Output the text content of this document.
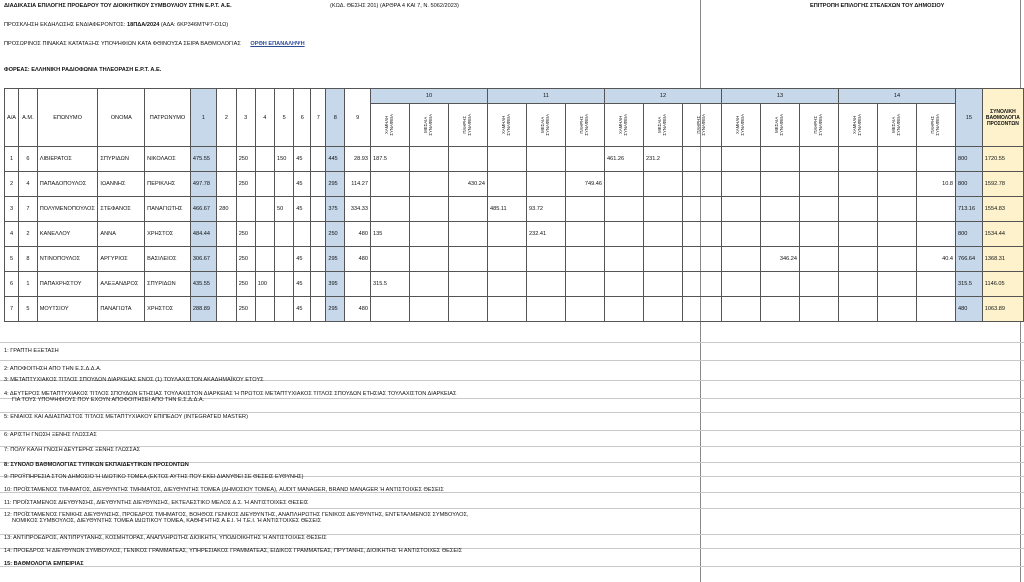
ΔΙΑΔΙΚΑΣΙΑ ΕΠΙΛΟΓΗΣ ΠΡΟΕΔΡΟΥ ΤΟΥ ΔΙΟΙΚΗΤΙΚΟΥ ΣΥΜΒΟΥΛΙΟΥ ΣΤΗΝ Ε.Ρ.Τ. Α.Ε.	(ΚΩΔ. ΘΕΣΗΣ 201) (ΑΡΘΡΑ 4 ΚΑΙ 7, Ν. 5062/2023)	ΕΠΙΤΡΟΠΗ ΕΠΙΛΟΓΗΣ ΣΤΕΛΕΧΩΝ ΤΟΥ ΔΗΜΟΣΙΟΥ
ΠΡΟΣΚΛΗΣΗ ΕΚΔΗΛΩΣΗΣ ΕΝΔΙΑΦΕΡΟΝΤΟΣ: 18ΠΔΑ/2024 (ΑΔΑ: 6ΚΡ346ΜΤΨ7-Ο1Ω)
ΠΡΟΣΩΡΙΝΟΣ ΠΙΝΑΚΑΣ ΚΑΤΑΤΑΞΗΣ ΥΠΟΨΗΦΙΩΝ ΚΑΤΑ ΦΘΙΝΟΥΣΑ ΣΕΙΡΑ ΒΑΘΜΟΛΟΓΙΑΣ ΟΡΘΗ ΕΠΑΝΑΛΗΨΗ
ΦΟΡΕΑΣ: ΕΛΛΗΝΙΚΗ ΡΑΔΙΟΦΩΝΙΑ ΤΗΛΕΟΡΑΣΗ Ε.Ρ.Τ. Α.Ε.
Α/Α	Α.Μ.	ΕΠΩΝΥΜΟ	ΟΝΟΜΑ	ΠΑΤΡΩΝΥΜΟ	1	2	3	4	5	6	7	8	9	10			11			12			13			14			15	ΣΥΝΟΛΙΚΗ ΒΑΘΜΟΛΟΓΙΑ ΠΡΟΣΟΝΤΩΝ
														ΧΑΜΗΛΗ ΣΥΝΑΦΕΙΑ	ΜΕΣΑΙΑ ΣΥΝΑΦΕΙΑ	ΠΛΗΡΗΣ ΣΥΝΑΦΕΙΑ	ΧΑΜΗΛΗ ΣΥΝΑΦΕΙΑ	ΜΕΣΑΙΑ ΣΥΝΑΦΕΙΑ	ΠΛΗΡΗΣ ΣΥΝΑΦΕΙΑ	ΧΑΜΗΛΗ ΣΥΝΑΦΕΙΑ	ΜΕΣΑΙΑ ΣΥΝΑΦΕΙΑ	ΠΛΗΡΗΣ ΣΥΝΑΦΕΙΑ	ΧΑΜΗΛΗ ΣΥΝΑΦΕΙΑ	ΜΕΣΑΙΑ ΣΥΝΑΦΕΙΑ	ΠΛΗΡΗΣ ΣΥΝΑΦΕΙΑ	ΧΑΜΗΛΗ ΣΥΝΑΦΕΙΑ	ΜΕΣΑΙΑ ΣΥΝΑΦΕΙΑ	ΠΛΗΡΗΣ ΣΥΝΑΦΕΙΑ		
1	6	ΛΙΒΙΕΡΑΤΟΣ	ΣΠΥΡΙΔΩΝ	ΝΙΚΟΛΑΟΣ	475.55		250		150	45		445	28.93	187.5						461.26	231.2								800	1720.55
2	4	ΠΑΠΑΔΟΠΟΥΛΟΣ	ΙΩΑΝΝΗΣ	ΠΕΡΙΚΛΗΣ	497.78		250			45		295	114.27			430.24			749.46									10.8	800	1592.78
3	7	ΠΟΛΥΜΕΝΟΠΟΥΛΟΣ	ΣΤΕΦΑΝΟΣ	ΠΑΝΑΓΙΩΤΗΣ	466.67	280			50	45		375	334.33				485.11	93.72											713.16	1554.83
4	2	ΚΑΝΕΛΛΟΥ	ΑΝΝΑ	ΧΡΗΣΤΟΣ	484.44		250					250	480	135				232.41											800	1534.44
5	8	ΝΤΙΝΟΠΟΥΛΟΣ	ΑΡΓΥΡΙΟΣ	ΒΑΣΙΛΕΙΟΣ	306.67		250			45		295	480											346.24				40.4	766.64	1368.31
6	1	ΠΑΠΑΧΡΗΣΤΟΥ	ΑΛΕΞΑΝΔΡΟΣ	ΣΠΥΡΙΔΩΝ	435.55		250	100		45		395		315.5															315.5	1146.05
7	5	ΜΟΥΤΣΙΟΥ	ΠΑΝΑΓΙΩΤΑ	ΧΡΗΣΤΟΣ	288.89		250			45		295	480																480	1063.89
1: ΓΡΑΠΤΗ ΕΞΕΤΑΣΗ
2: ΑΠΟΦΟΙΤΗΣΗ ΑΠΟ ΤΗΝ Ε.Σ.Δ.Δ.Α.
3: ΜΕΤΑΠΤΥΧΙΑΚΟΣ ΤΙΤΛΟΣ ΣΠΟΥΔΩΝ ΔΙΑΡΚΕΙΑΣ ΕΝΟΣ (1) ΤΟΥΛΑΧΙΣΤΟΝ ΑΚΑΔΗΜΑΪΚΟΥ ΕΤΟΥΣ
4: ΔΕΥΤΕΡΟΣ ΜΕΤΑΠΤΥΧΙΑΚΟΣ ΤΙΤΛΟΣ ΣΠΟΥΔΩΝ ΕΤΗΣΙΑΣ ΤΟΥΛΑΧΙΣΤΟΝ ΔΙΑΡΚΕΙΑΣ Ή ΠΡΩΤΟΣ ΜΕΤΑΠΤΥΧΙΑΚΟΣ ΤΙΤΛΟΣ ΣΠΟΥΔΩΝ ΕΤΗΣΙΑΣ ΤΟΥΛΑΧΙΣΤΟΝ ΔΙΑΡΚΕΙΑΣ
ΓΙΑ ΤΟΥΣ ΥΠΟΨΗΦΙΟΥΣ ΠΟΥ ΕΧΟΥΝ ΑΠΟΦΟΙΤΗΣΕΙ ΑΠΟ ΤΗΝ Ε.Σ.Δ.Δ.Α.
5: ΕΝΙΑΙΟΣ ΚΑΙ ΑΔΙΑΣΠΑΣΤΟΣ ΤΙΤΛΟΣ ΜΕΤΑΠΤΥΧΙΑΚΟΥ ΕΠΙΠΕΔΟΥ (INTEGRATED MASTER)
6: ΑΡΙΣΤΗ ΓΝΩΣΗ ΞΕΝΗΣ ΓΛΩΣΣΑΣ
7: ΠΟΛΥ ΚΑΛΗ ΓΝΩΣΗ ΔΕΥΤΕΡΗΣ ΞΕΝΗΣ ΓΛΩΣΣΑΣ
8: ΣΥΝΟΛΟ ΒΑΘΜΟΛΟΓΙΑΣ ΤΥΠΙΚΩΝ ΕΚΠΑΙΔΕΥΤΙΚΩΝ ΠΡΟΣΟΝΤΩΝ
9: ΠΡΟΫΠΗΡΕΣΙΑ ΣΤΟΝ ΔΗΜΟΣΙΟ Ή ΙΔΙΩΤΙΚΟ ΤΟΜΕΑ (ΕΚΤΟΣ ΑΥΤΗΣ ΠΟΥ ΕΚΕΙ ΔΙΑΝΥΘΕΙ ΣΕ ΘΕΣΕΙΣ ΕΥΘΥΝΗΣ)
10: ΠΡΟΪΣΤΑΜΕΝΟΣ ΤΜΗΜΑΤΟΣ, ΔΙΕΥΘΥΝΤΗΣ ΤΜΗΜΑΤΟΣ, ΔΙΕΥΘΥΝΤΗΣ ΤΟΜΕΑ (ΔΗΜΟΣΙΟΥ ΤΟΜΕΑ), AUDIT MANAGER, BRAND MANAGER Ή ΑΝΤΙΣΤΟΙΧΕΣ ΘΕΣΕΙΣ
11: ΠΡΟΪΣΤΑΜΕΝΟΣ ΔΙΕΥΘΥΝΣΗΣ, ΔΙΕΥΘΥΝΤΗΣ ΔΙΕΥΘΥΝΣΗΣ, ΕΚΤΕΛΕΣΤΙΚΟ ΜΕΛΟΣ Δ.Σ. Ή ΑΝΤΙΣΤΟΙΧΕΣ ΘΕΣΕΙΣ
12: ΠΡΟΪΣΤΑΜΕΝΟΣ ΓΕΝΙΚΗΣ ΔΙΕΥΘΥΝΣΗΣ, ΠΡΟΕΔΡΟΣ ΤΜΗΜΑΤΟΣ, ΒΟΗΘΟΣ ΓΕΝΙΚΟΣ ΔΙΕΥΘΥΝΤΗΣ, ΑΝΑΠΛΗΡΩΤΗΣ ΓΕΝΙΚΟΣ ΔΙΕΥΘΥΝΤΗΣ, ΕΝΤΕΤΑΛΜΕΝΟΣ ΣΥΜΒΟΥΛΟΣ,
ΝΟΜΙΚΟΣ ΣΥΜΒΟΥΛΟΣ, ΔΙΕΥΘΥΝΤΗΣ ΤΟΜΕΑ ΙΔΙΩΤΙΚΟΥ ΤΟΜΕΑ, ΚΑΘΗΓΗΤΗΣ Α.Ε.Ι. Ή Τ.Ε.Ι. Ή ΑΝΤΙΣΤΟΙΧΕΣ ΘΕΣΕΙΣ
13: ΑΝΤΙΠΡΟΕΔΡΟΣ, ΑΝΤΙΠΡΥΤΑΝΗΣ, ΚΟΣΜΗΤΟΡΑΣ, ΑΝΑΠΛΗΡΩΤΗΣ ΔΙΟΙΚΗΤΗ, ΥΠΟΔΙΟΙΚΗΤΗΣ Ή ΑΝΤΙΣΤΟΙΧΕΣ ΘΕΣΕΙΣ
14: ΠΡΟΕΔΡΟΣ Ή ΔΙΕΥΘΥΝΩΝ ΣΥΜΒΟΥΛΟΣ, ΓΕΝΙΚΟΣ ΓΡΑΜΜΑΤΕΑΣ, ΥΠΗΡΕΣΙΑΚΟΣ ΓΡΑΜΜΑΤΕΑΣ, ΕΙΔΙΚΟΣ ΓΡΑΜΜΑΤΕΑΣ, ΠΡΥΤΑΝΗΣ, ΔΙΟΙΚΗΤΗΣ Ή ΑΝΤΙΣΤΟΙΧΕΣ ΘΕΣΕΙΣ
15: ΒΑΘΜΟΛΟΓΙΑ ΕΜΠΕΙΡΙΑΣ
